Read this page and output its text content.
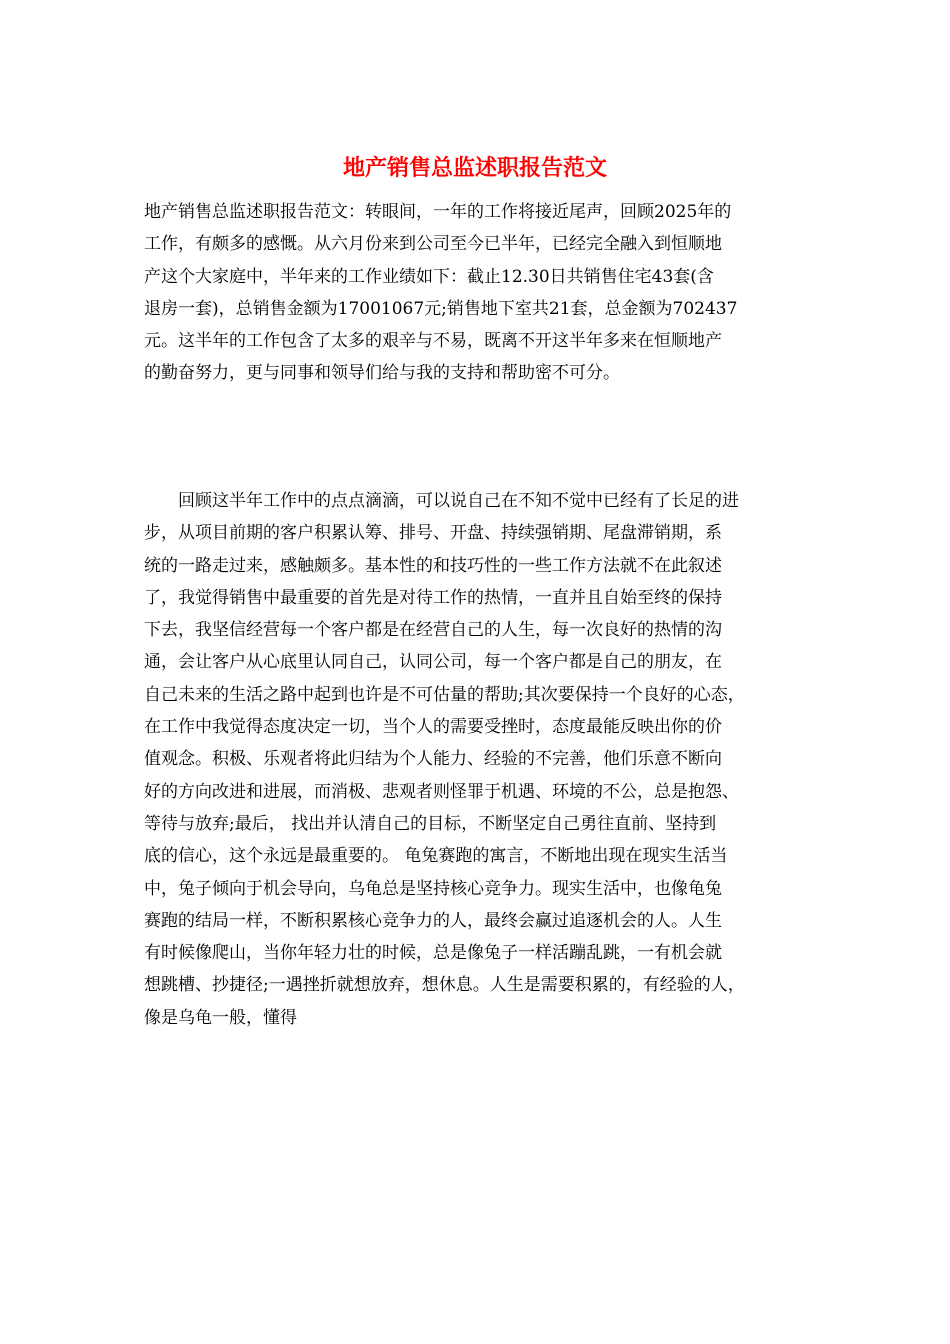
地产销售总监述职报告范文
地产销售总监述职报告范文：转眼间，一年的工作将接近尾声，回顾2025年的
工作，有颇多的感慨。从六月份来到公司至今已半年，已经完全融入到恒顺地
产这个大家庭中，半年来的工作业绩如下：截止12.30日共销售住宅43套(含
退房一套)，总销售金额为17001067元;销售地下室共21套，总金额为702437
元。这半年的工作包含了太多的艰辛与不易，既离不开这半年多来在恒顺地产
的勤奋努力，更与同事和领导们给与我的支持和帮助密不可分。
　　回顾这半年工作中的点点滴滴，可以说自己在不知不觉中已经有了长足的进
步，从项目前期的客户积累认筹、排号、开盘、持续强销期、尾盘滞销期，系
统的一路走过来，感触颇多。基本性的和技巧性的一些工作方法就不在此叙述
了，我觉得销售中最重要的首先是对待工作的热情，一直并且自始至终的保持
下去，我坚信经营每一个客户都是在经营自己的人生，每一次良好的热情的沟
通，会让客户从心底里认同自己，认同公司，每一个客户都是自己的朋友，在
自己未来的生活之路中起到也许是不可估量的帮助;其次要保持一个良好的心态，
在工作中我觉得态度决定一切，当个人的需要受挫时，态度最能反映出你的价
值观念。积极、乐观者将此归结为个人能力、经验的不完善，他们乐意不断向
好的方向改进和进展，而消极、悲观者则怪罪于机遇、环境的不公，总是抱怨、
等待与放弃;最后， 找出并认清自己的目标，不断坚定自己勇往直前、坚持到
底的信心，这个永远是最重要的。 龟兔赛跑的寓言，不断地出现在现实生活当
中，兔子倾向于机会导向，乌龟总是坚持核心竞争力。现实生活中，也像龟兔
赛跑的结局一样，不断积累核心竞争力的人，最终会赢过追逐机会的人。人生
有时候像爬山，当你年轻力壮的时候，总是像兔子一样活蹦乱跳，一有机会就
想跳槽、抄捷径;一遇挫折就想放弃，想休息。人生是需要积累的，有经验的人，
像是乌龟一般，懂得
